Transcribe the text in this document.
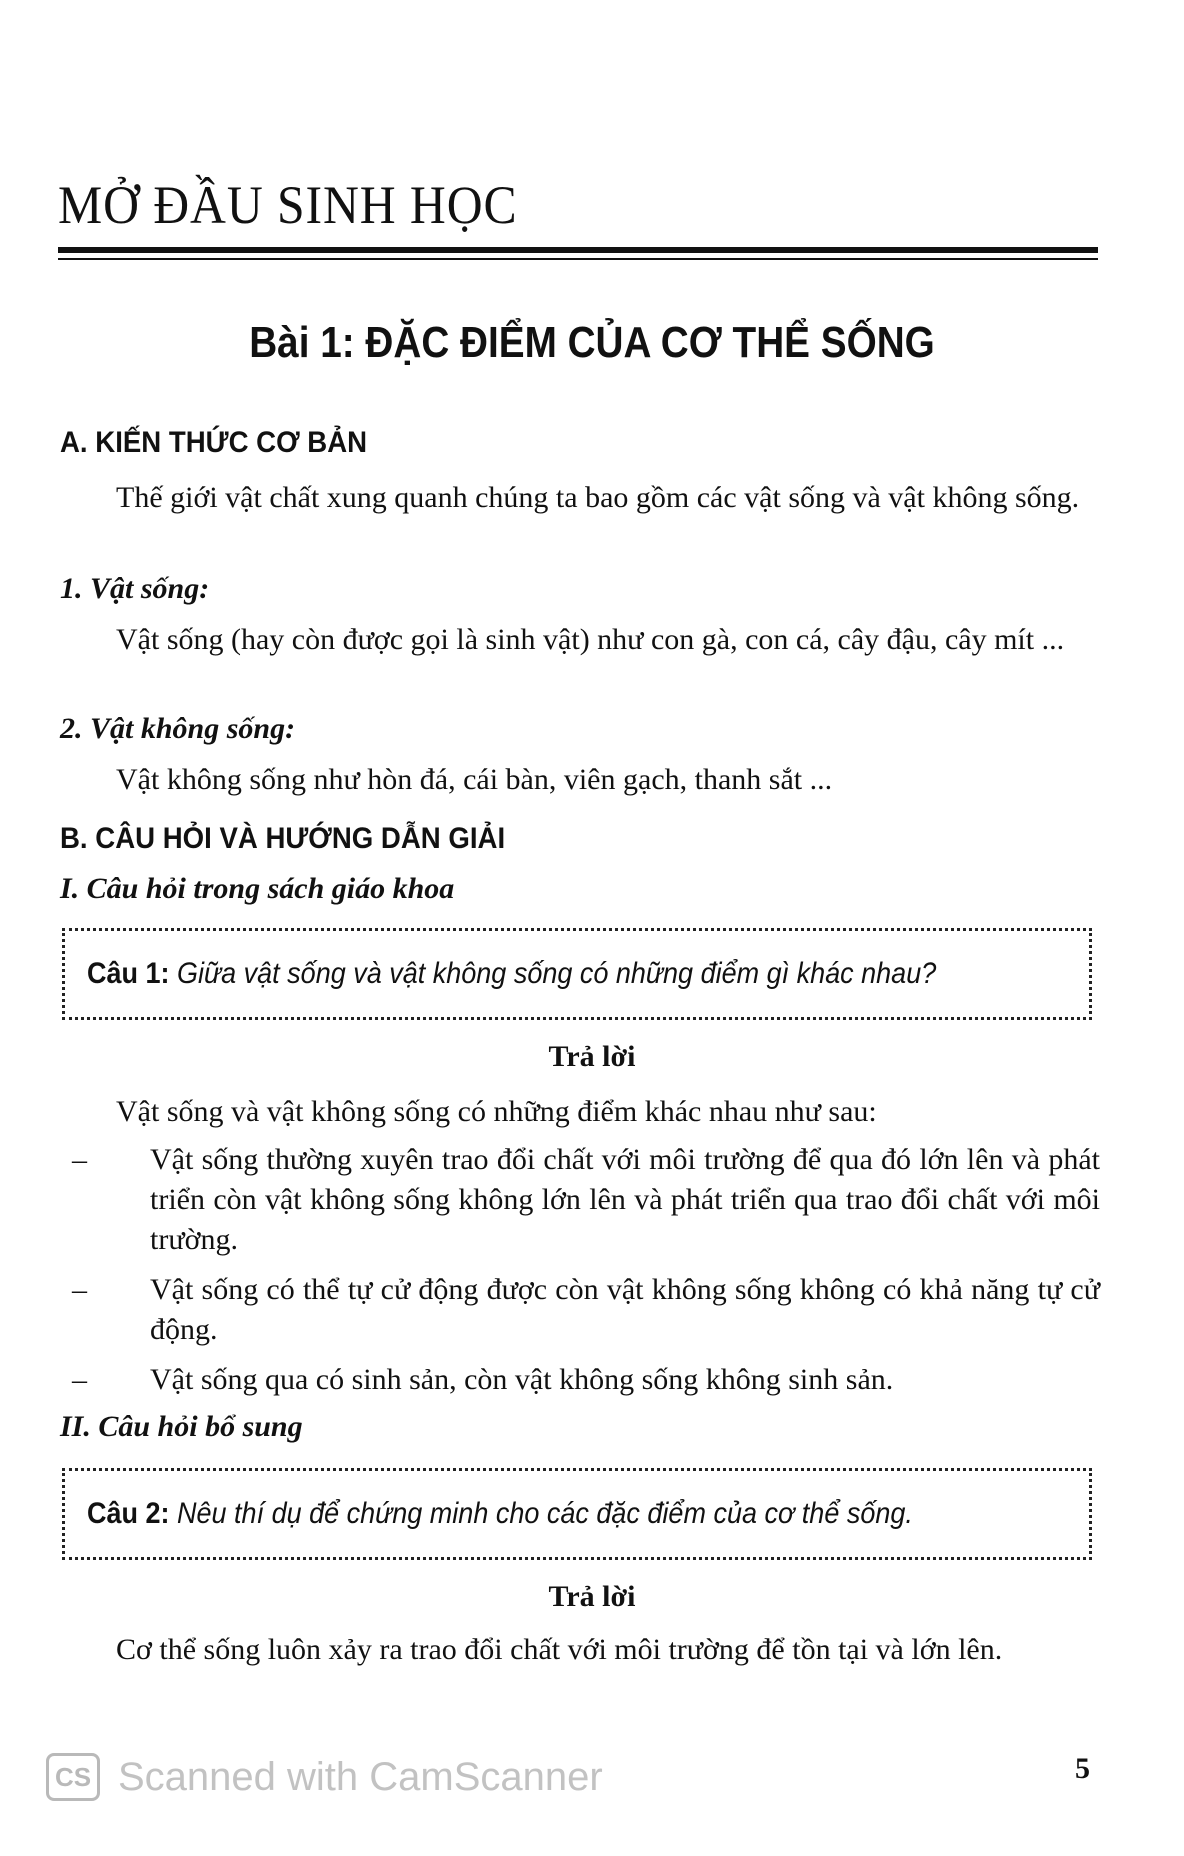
MỞ ĐẦU SINH HỌC
Bài 1: ĐẶC ĐIỂM CỦA CƠ THỂ SỐNG
A. KIẾN THỨC CƠ BẢN
Thế giới vật chất xung quanh chúng ta bao gồm các vật sống và vật không sống.
1. Vật sống:
Vật sống (hay còn được gọi là sinh vật) như con gà, con cá, cây đậu, cây mít ...
2. Vật không sống:
Vật không sống như hòn đá, cái bàn, viên gạch, thanh sắt ...
B. CÂU HỎI VÀ HƯỚNG DẪN GIẢI
I. Câu hỏi trong sách giáo khoa
Câu 1: Giữa vật sống và vật không sống có những điểm gì khác nhau?
Trả lời
Vật sống và vật không sống có những điểm khác nhau như sau:
– Vật sống thường xuyên trao đổi chất với môi trường để qua đó lớn lên và phát triển còn vật không sống không lớn lên và phát triển qua trao đổi chất với môi trường.
– Vật sống có thể tự cử động được còn vật không sống không có khả năng tự cử động.
– Vật sống qua có sinh sản, còn vật không sống không sinh sản.
II. Câu hỏi bổ sung
Câu 2: Nêu thí dụ để chứng minh cho các đặc điểm của cơ thể sống.
Trả lời
Cơ thể sống luôn xảy ra trao đổi chất với môi trường để tồn tại và lớn lên.
5
CS Scanned with CamScanner
